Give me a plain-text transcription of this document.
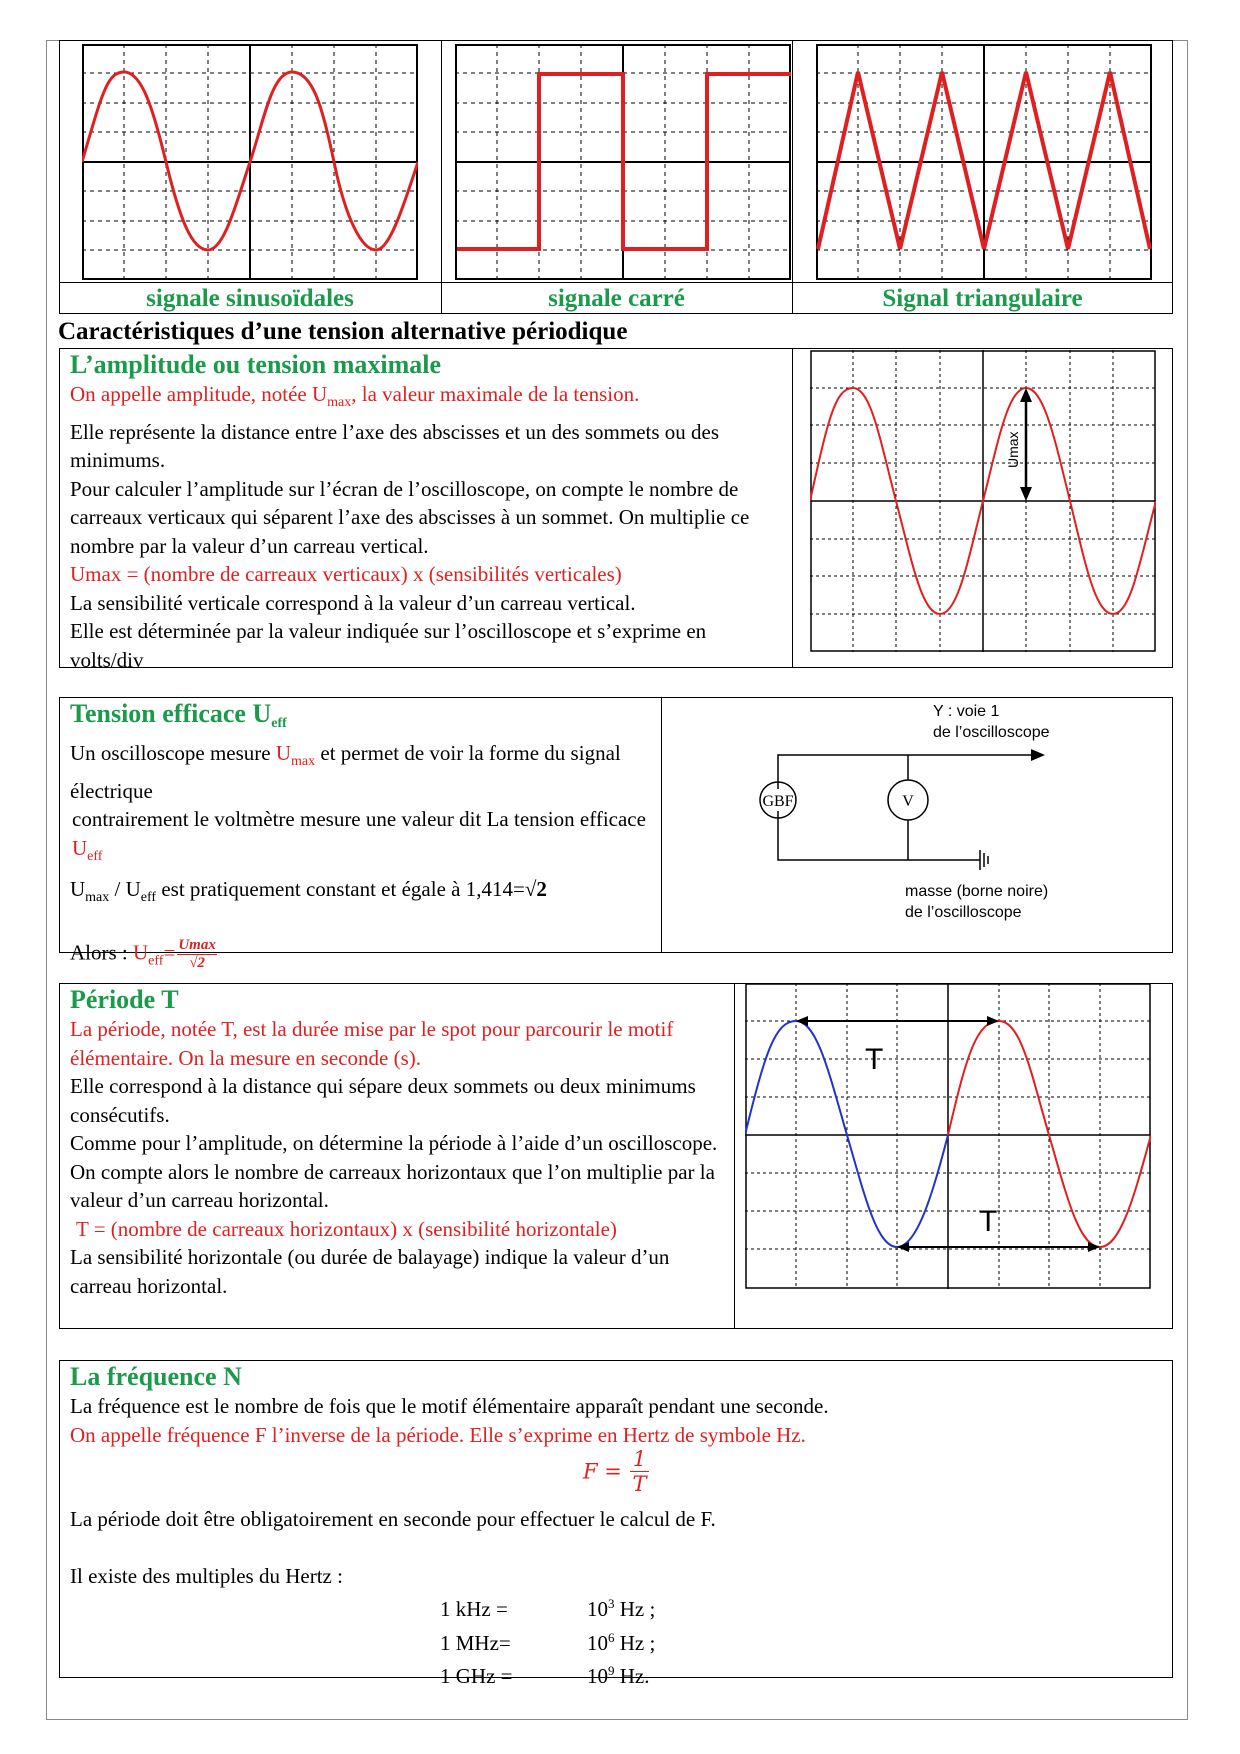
signale sinusoïdales	signale carré	Signal triangulaire
Caractéristiques d’une tension alternative périodique
L’amplitude ou tension maximale
On appelle amplitude, notée $U_{max}$, la valeur maximale de la tension.
Elle représente la distance entre l’axe des abscisses et un des sommets ou des minimums.
Pour calculer l’amplitude sur l’écran de l’oscilloscope, on compte le nombre de carreaux verticaux qui séparent l’axe des abscisses à un sommet. On multiplie ce nombre par la valeur d’un carreau vertical.
Umax = (nombre de carreaux verticaux) x (sensibilités verticales)
La sensibilité verticale correspond à la valeur d’un carreau vertical.
Elle est déterminée par la valeur indiquée sur l’oscilloscope et s’exprime en volts/div
Umax
Tension efficace $U_{eff}$
Un oscilloscope mesure $U_{max}$ et permet de voir la forme du signal électrique
contrairement le voltmètre mesure une valeur dit La tension efficace $U_{eff}$
$U_{max} / U_{eff}$ est pratiquement constant et égale à 1,414=√2
Alors : $U_{eff}= \frac{Umax}{√2}$
GBF	V
Y : voie 1
de l’oscilloscope
masse (borne noire)
de l’oscilloscope
Période T
La période, notée T, est la durée mise par le spot pour parcourir le motif élémentaire. On la mesure en seconde (s).
Elle correspond à la distance qui sépare deux sommets ou deux minimums consécutifs.
Comme pour l’amplitude, on détermine la période à l’aide d’un oscilloscope.
On compte alors le nombre de carreaux horizontaux que l’on multiplie par la valeur d’un carreau horizontal.
T = (nombre de carreaux horizontaux) x (sensibilité horizontale)
La sensibilité horizontale (ou durée de balayage) indique la valeur d’un carreau horizontal.
T
T
La fréquence N
La fréquence est le nombre de fois que le motif élémentaire apparaît pendant une seconde.
On appelle fréquence F l’inverse de la période. Elle s’exprime en Hertz de symbole Hz.
$F = \frac{1}{T}$
La période doit être obligatoirement en seconde pour effectuer le calcul de F.
Il existe des multiples du Hertz :
1 kHz =	$10^3$ Hz ;
1 MHz=	$10^6$ Hz ;
1 GHz =	$10^9$ Hz.
